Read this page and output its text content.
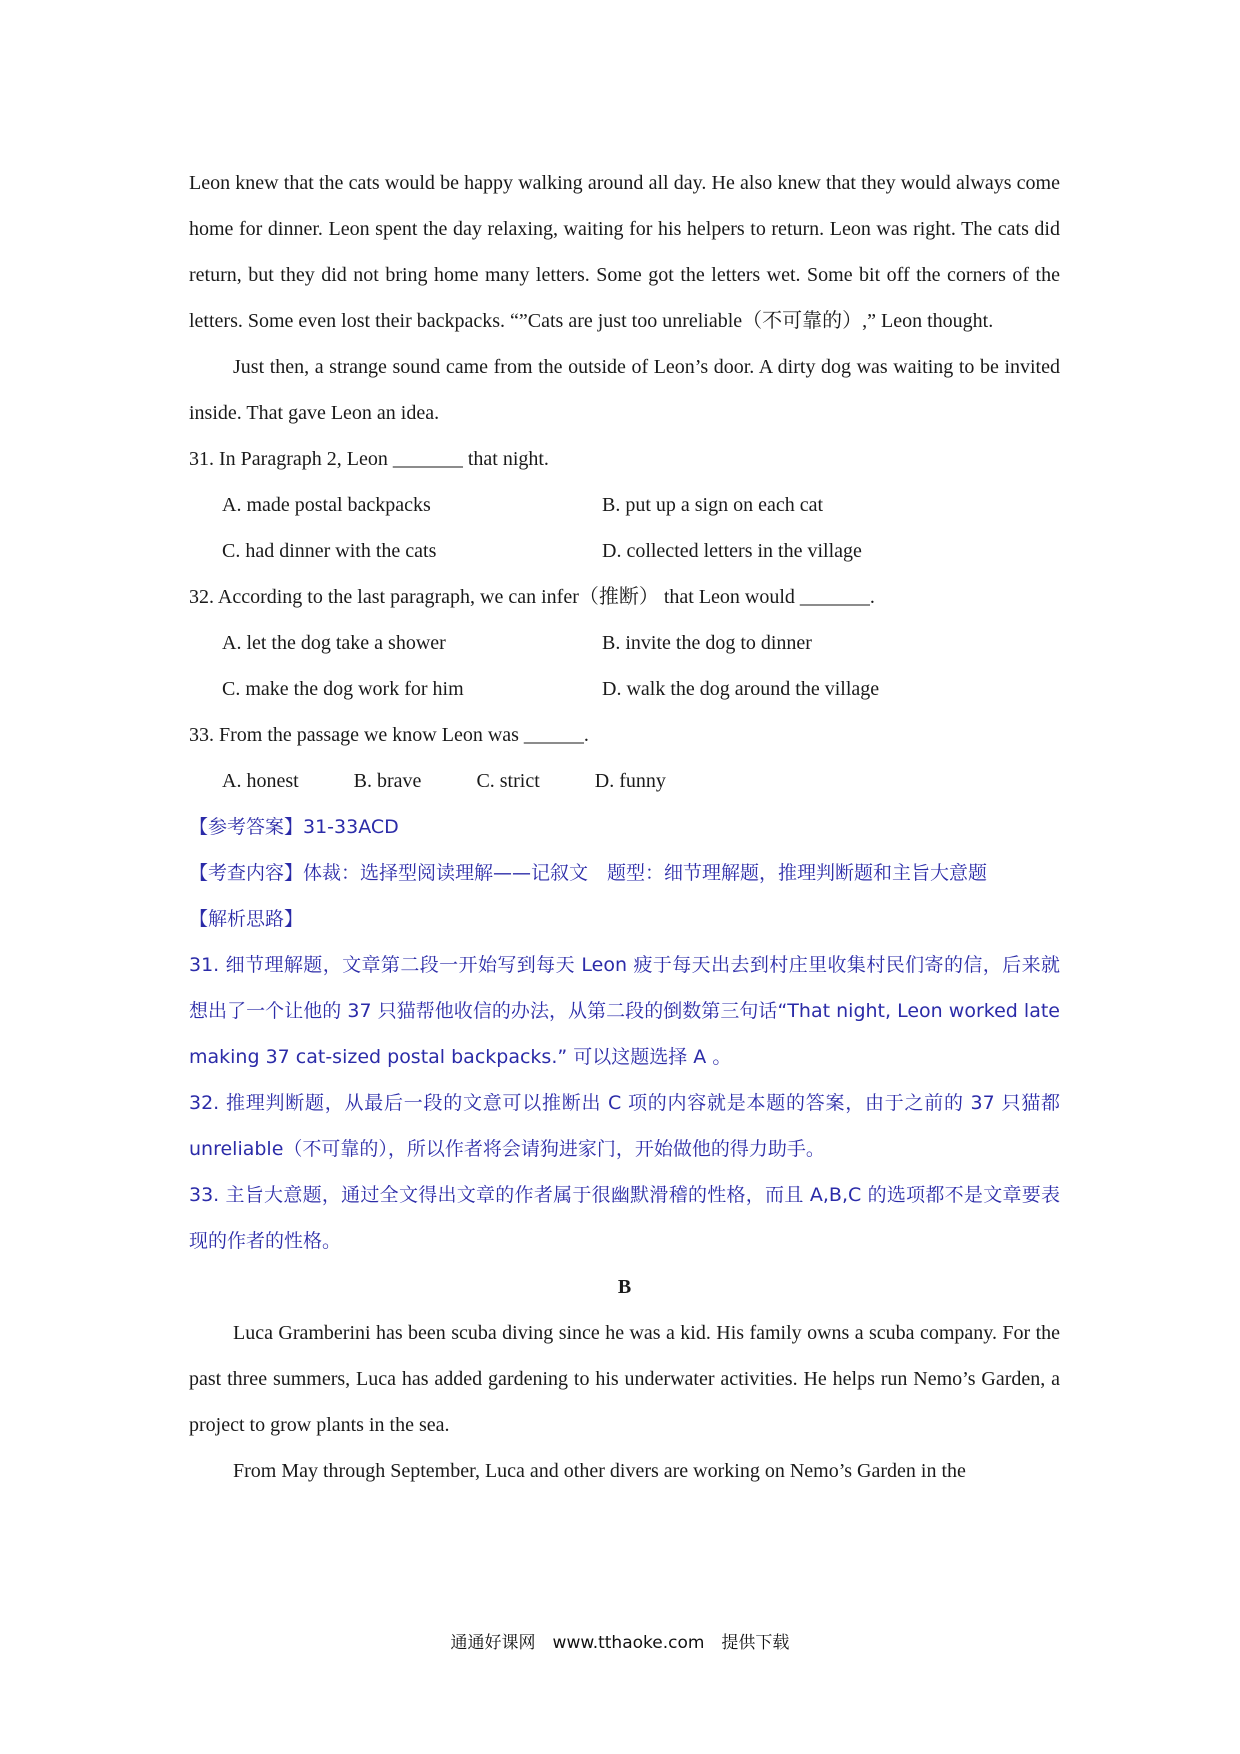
Leon knew that the cats would be happy walking around all day. He also knew that they would always come home for dinner. Leon spent the day relaxing, waiting for his helpers to return. Leon was right. The cats did return, but they did not bring home many letters. Some got the letters wet. Some bit off the corners of the letters. Some even lost their backpacks. “”Cats are just too unreliable（不可靠的）,” Leon thought.

Just then, a strange sound came from the outside of Leon’s door. A dirty dog was waiting to be invited inside. That gave Leon an idea.

31. In Paragraph 2, Leon _______ that night.

A. made postal backpacks	B. put up a sign on each cat
C. had dinner with the cats	D. collected letters in the village

32. According to the last paragraph, we can infer（推断） that Leon would _______.

A. let the dog take a shower	B. invite the dog to dinner
C. make the dog work for him	D. walk the dog around the village

33. From the passage we know Leon was ______.

A. honest	B. brave	C. strict	D. funny

【参考答案】31-33ACD

【考查内容】体裁：选择型阅读理解——记叙文　题型：细节理解题，推理判断题和主旨大意题

【解析思路】

31. 细节理解题，文章第二段一开始写到每天 Leon 疲于每天出去到村庄里收集村民们寄的信，后来就想出了一个让他的 37 只猫帮他收信的办法，从第二段的倒数第三句话“That night, Leon worked late making 37 cat-sized postal backpacks.” 可以这题选择 A 。

32. 推理判断题，从最后一段的文意可以推断出 C 项的内容就是本题的答案，由于之前的 37 只猫都 unreliable（不可靠的），所以作者将会请狗进家门，开始做他的得力助手。

33. 主旨大意题，通过全文得出文章的作者属于很幽默滑稽的性格，而且 A,B,C 的选项都不是文章要表现的作者的性格。

B

Luca Gramberini has been scuba diving since he was a kid. His family owns a scuba company. For the past three summers, Luca has added gardening to his underwater activities. He helps run Nemo’s Garden, a project to grow plants in the sea.

From May through September, Luca and other divers are working on Nemo’s Garden in the

通通好课网　www.tthaoke.com　提供下载
